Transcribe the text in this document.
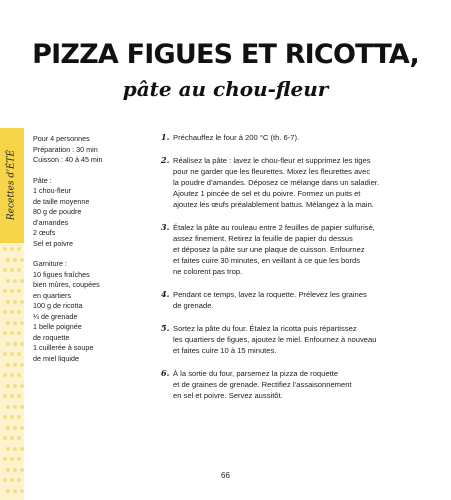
PIZZA FIGUES ET RICOTTA,
pâte au chou-fleur
Recettes d’ÉTÉ
Pour 4 personnes
Préparation : 30 min
Cuisson : 40 à 45 min
Pâte :
1 chou-fleur
de taille moyenne
80 g de poudre
d’amandes
2 œufs
Sel et poivre
Garniture :
10 figues fraîches
bien mûres, coupées
en quartiers
100 g de ricotta
¼ de grenade
1 belle poignée
de roquette
1 cuillerée à soupe
de miel liquide
1. Préchauffez le four à 200 °C (th. 6-7).
2. Réalisez la pâte : lavez le chou-fleur et supprimez les tiges
pour ne garder que les fleurettes. Mixez les fleurettes avec
la poudre d’amandes. Déposez ce mélange dans un saladier.
Ajoutez 1 pincée de sel et du poivre. Formez un puits et
ajoutez les œufs préalablement battus. Mélangez à la main.
3. Étalez la pâte au rouleau entre 2 feuilles de papier sulfurisé,
assez finement. Retirez la feuille de papier du dessus
et déposez la pâte sur une plaque de cuisson. Enfournez
et faites cuire 30 minutes, en veillant à ce que les bords
ne colorent pas trop.
4. Pendant ce temps, lavez la roquette. Prélevez les graines
de grenade.
5. Sortez la pâte du four. Étalez la ricotta puis répartissez
les quartiers de figues, ajoutez le miel. Enfournez à nouveau
et faites cuire 10 à 15 minutes.
6. À la sortie du four, parsemez la pizza de roquette
et de graines de grenade. Rectifiez l’assaisonnement
en sel et poivre. Servez aussitôt.
66
